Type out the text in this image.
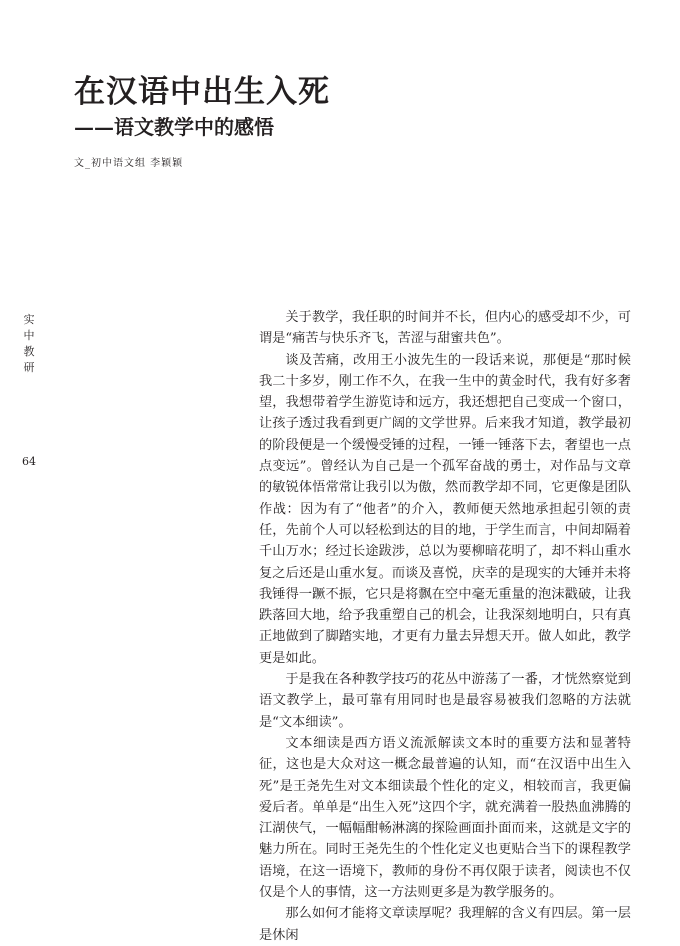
在汉语中出生入死
——语文教学中的感悟
文_初中语文组 李颖颖
实中教研
64

关于教学，我任职的时间并不长，但内心的感受却不少，可谓是“痛苦与快乐齐飞，苦涩与甜蜜共色”。

谈及苦痛，改用王小波先生的一段话来说，那便是“那时候我二十多岁，刚工作不久，在我一生中的黄金时代，我有好多奢望，我想带着学生游览诗和远方，我还想把自己变成一个窗口，让孩子透过我看到更广阔的文学世界。后来我才知道，教学最初的阶段便是一个缓慢受锤的过程，一锤一锤落下去，奢望也一点点变远”。曾经认为自己是一个孤军奋战的勇士，对作品与文章的敏锐体悟常常让我引以为傲，然而教学却不同，它更像是团队作战：因为有了“他者”的介入，教师便天然地承担起引领的责任，先前个人可以轻松到达的目的地，于学生而言，中间却隔着千山万水；经过长途跋涉，总以为要柳暗花明了，却不料山重水复之后还是山重水复。而谈及喜悦，庆幸的是现实的大锤并未将我锤得一蹶不振，它只是将飘在空中毫无重量的泡沫戳破，让我跌落回大地，给予我重塑自己的机会，让我深刻地明白，只有真正地做到了脚踏实地，才更有力量去异想天开。做人如此，教学更是如此。

于是我在各种教学技巧的花丛中游荡了一番，才恍然察觉到语文教学上，最可靠有用同时也是最容易被我们忽略的方法就是“文本细读”。

文本细读是西方语义流派解读文本时的重要方法和显著特征，这也是大众对这一概念最普遍的认知，而“在汉语中出生入死”是王尧先生对文本细读最个性化的定义，相较而言，我更偏爱后者。单单是“出生入死”这四个字，就充满着一股热血沸腾的江湖侠气，一幅幅酣畅淋漓的探险画面扑面而来，这就是文字的魅力所在。同时王尧先生的个性化定义也更贴合当下的课程教学语境，在这一语境下，教师的身份不再仅限于读者，阅读也不仅仅是个人的事情，这一方法则更多是为教学服务的。

那么如何才能将文章读厚呢？我理解的含义有四层。第一层是休闲
